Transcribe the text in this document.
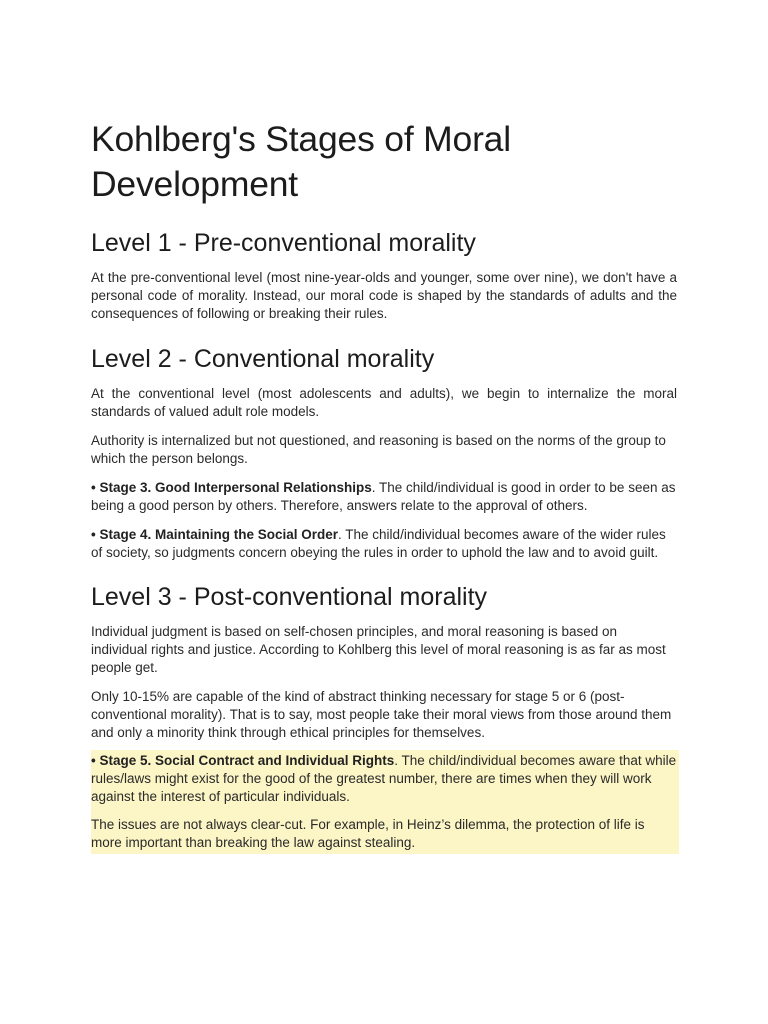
Kohlberg's Stages of Moral Development
Level 1 - Pre-conventional morality

At the pre-conventional level (most nine-year-olds and younger, some over nine), we don't have a personal code of morality. Instead, our moral code is shaped by the standards of adults and the consequences of following or breaking their rules.

Level 2 - Conventional morality

At the conventional level (most adolescents and adults), we begin to internalize the moral standards of valued adult role models.

Authority is internalized but not questioned, and reasoning is based on the norms of the group to which the person belongs.

• Stage 3. Good Interpersonal Relationships. The child/individual is good in order to be seen as being a good person by others. Therefore, answers relate to the approval of others.

• Stage 4. Maintaining the Social Order. The child/individual becomes aware of the wider rules of society, so judgments concern obeying the rules in order to uphold the law and to avoid guilt.

Level 3 - Post-conventional morality

Individual judgment is based on self-chosen principles, and moral reasoning is based on individual rights and justice. According to Kohlberg this level of moral reasoning is as far as most people get.

Only 10-15% are capable of the kind of abstract thinking necessary for stage 5 or 6 (post-conventional morality). That is to say, most people take their moral views from those around them and only a minority think through ethical principles for themselves.

• Stage 5. Social Contract and Individual Rights. The child/individual becomes aware that while rules/laws might exist for the good of the greatest number, there are times when they will work against the interest of particular individuals.

The issues are not always clear-cut. For example, in Heinz’s dilemma, the protection of life is more important than breaking the law against stealing.
